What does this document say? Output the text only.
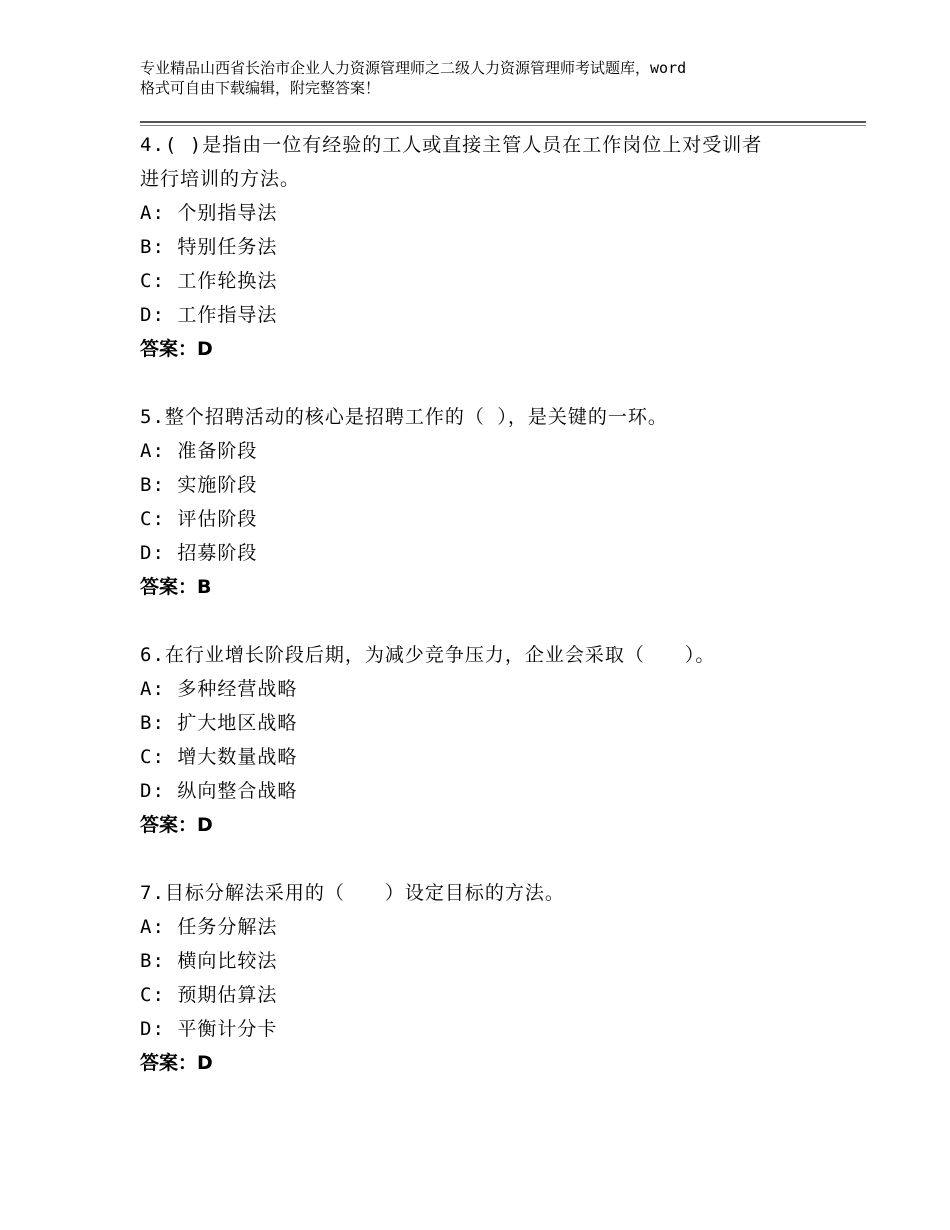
专业精品山西省长治市企业人力资源管理师之二级人力资源管理师考试题库，word
格式可自由下载编辑，附完整答案！

4.( )是指由一位有经验的工人或直接主管人员在工作岗位上对受训者

进行培训的方法。

A: 个别指导法

B: 特别任务法

C: 工作轮换法

D: 工作指导法

答案：D

5.整个招聘活动的核心是招聘工作的（ ），是关键的一环。

A: 准备阶段

B: 实施阶段

C: 评估阶段

D: 招募阶段

答案：B

6.在行业增长阶段后期，为减少竞争压力，企业会采取（　　）。

A: 多种经营战略

B: 扩大地区战略

C: 增大数量战略

D: 纵向整合战略

答案：D

7.目标分解法采用的（　　）设定目标的方法。

A: 任务分解法

B: 横向比较法

C: 预期估算法

D: 平衡计分卡

答案：D
